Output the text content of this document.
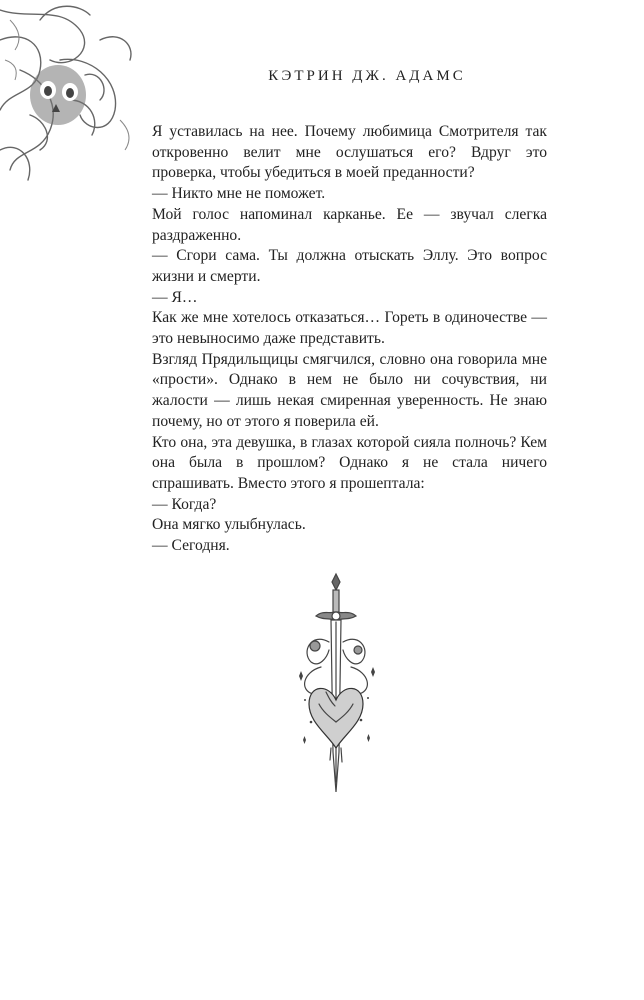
КЭТРИН ДЖ. АДАМС

Я уставилась на нее. Почему любимица Смотрителя так откровенно велит мне ослушаться его? Вдруг это проверка, чтобы убедиться в моей преданности?

— Никто мне не поможет.

Мой голос напоминал карканье. Ее — звучал слегка раздраженно.

— Сгори сама. Ты должна отыскать Эллу. Это вопрос жизни и смерти.

— Я…

Как же мне хотелось отказаться… Гореть в одиночестве — это невыносимо даже представить.

Взгляд Прядильщицы смягчился, словно она говорила мне «прости». Однако в нем не было ни сочувствия, ни жалости — лишь некая смиренная уверенность. Не знаю почему, но от этого я поверила ей.

Кто она, эта девушка, в глазах которой сияла полночь? Кем она была в прошлом? Однако я не стала ничего спрашивать. Вместо этого я прошептала:

— Когда?

Она мягко улыбнулась.

— Сегодня.
